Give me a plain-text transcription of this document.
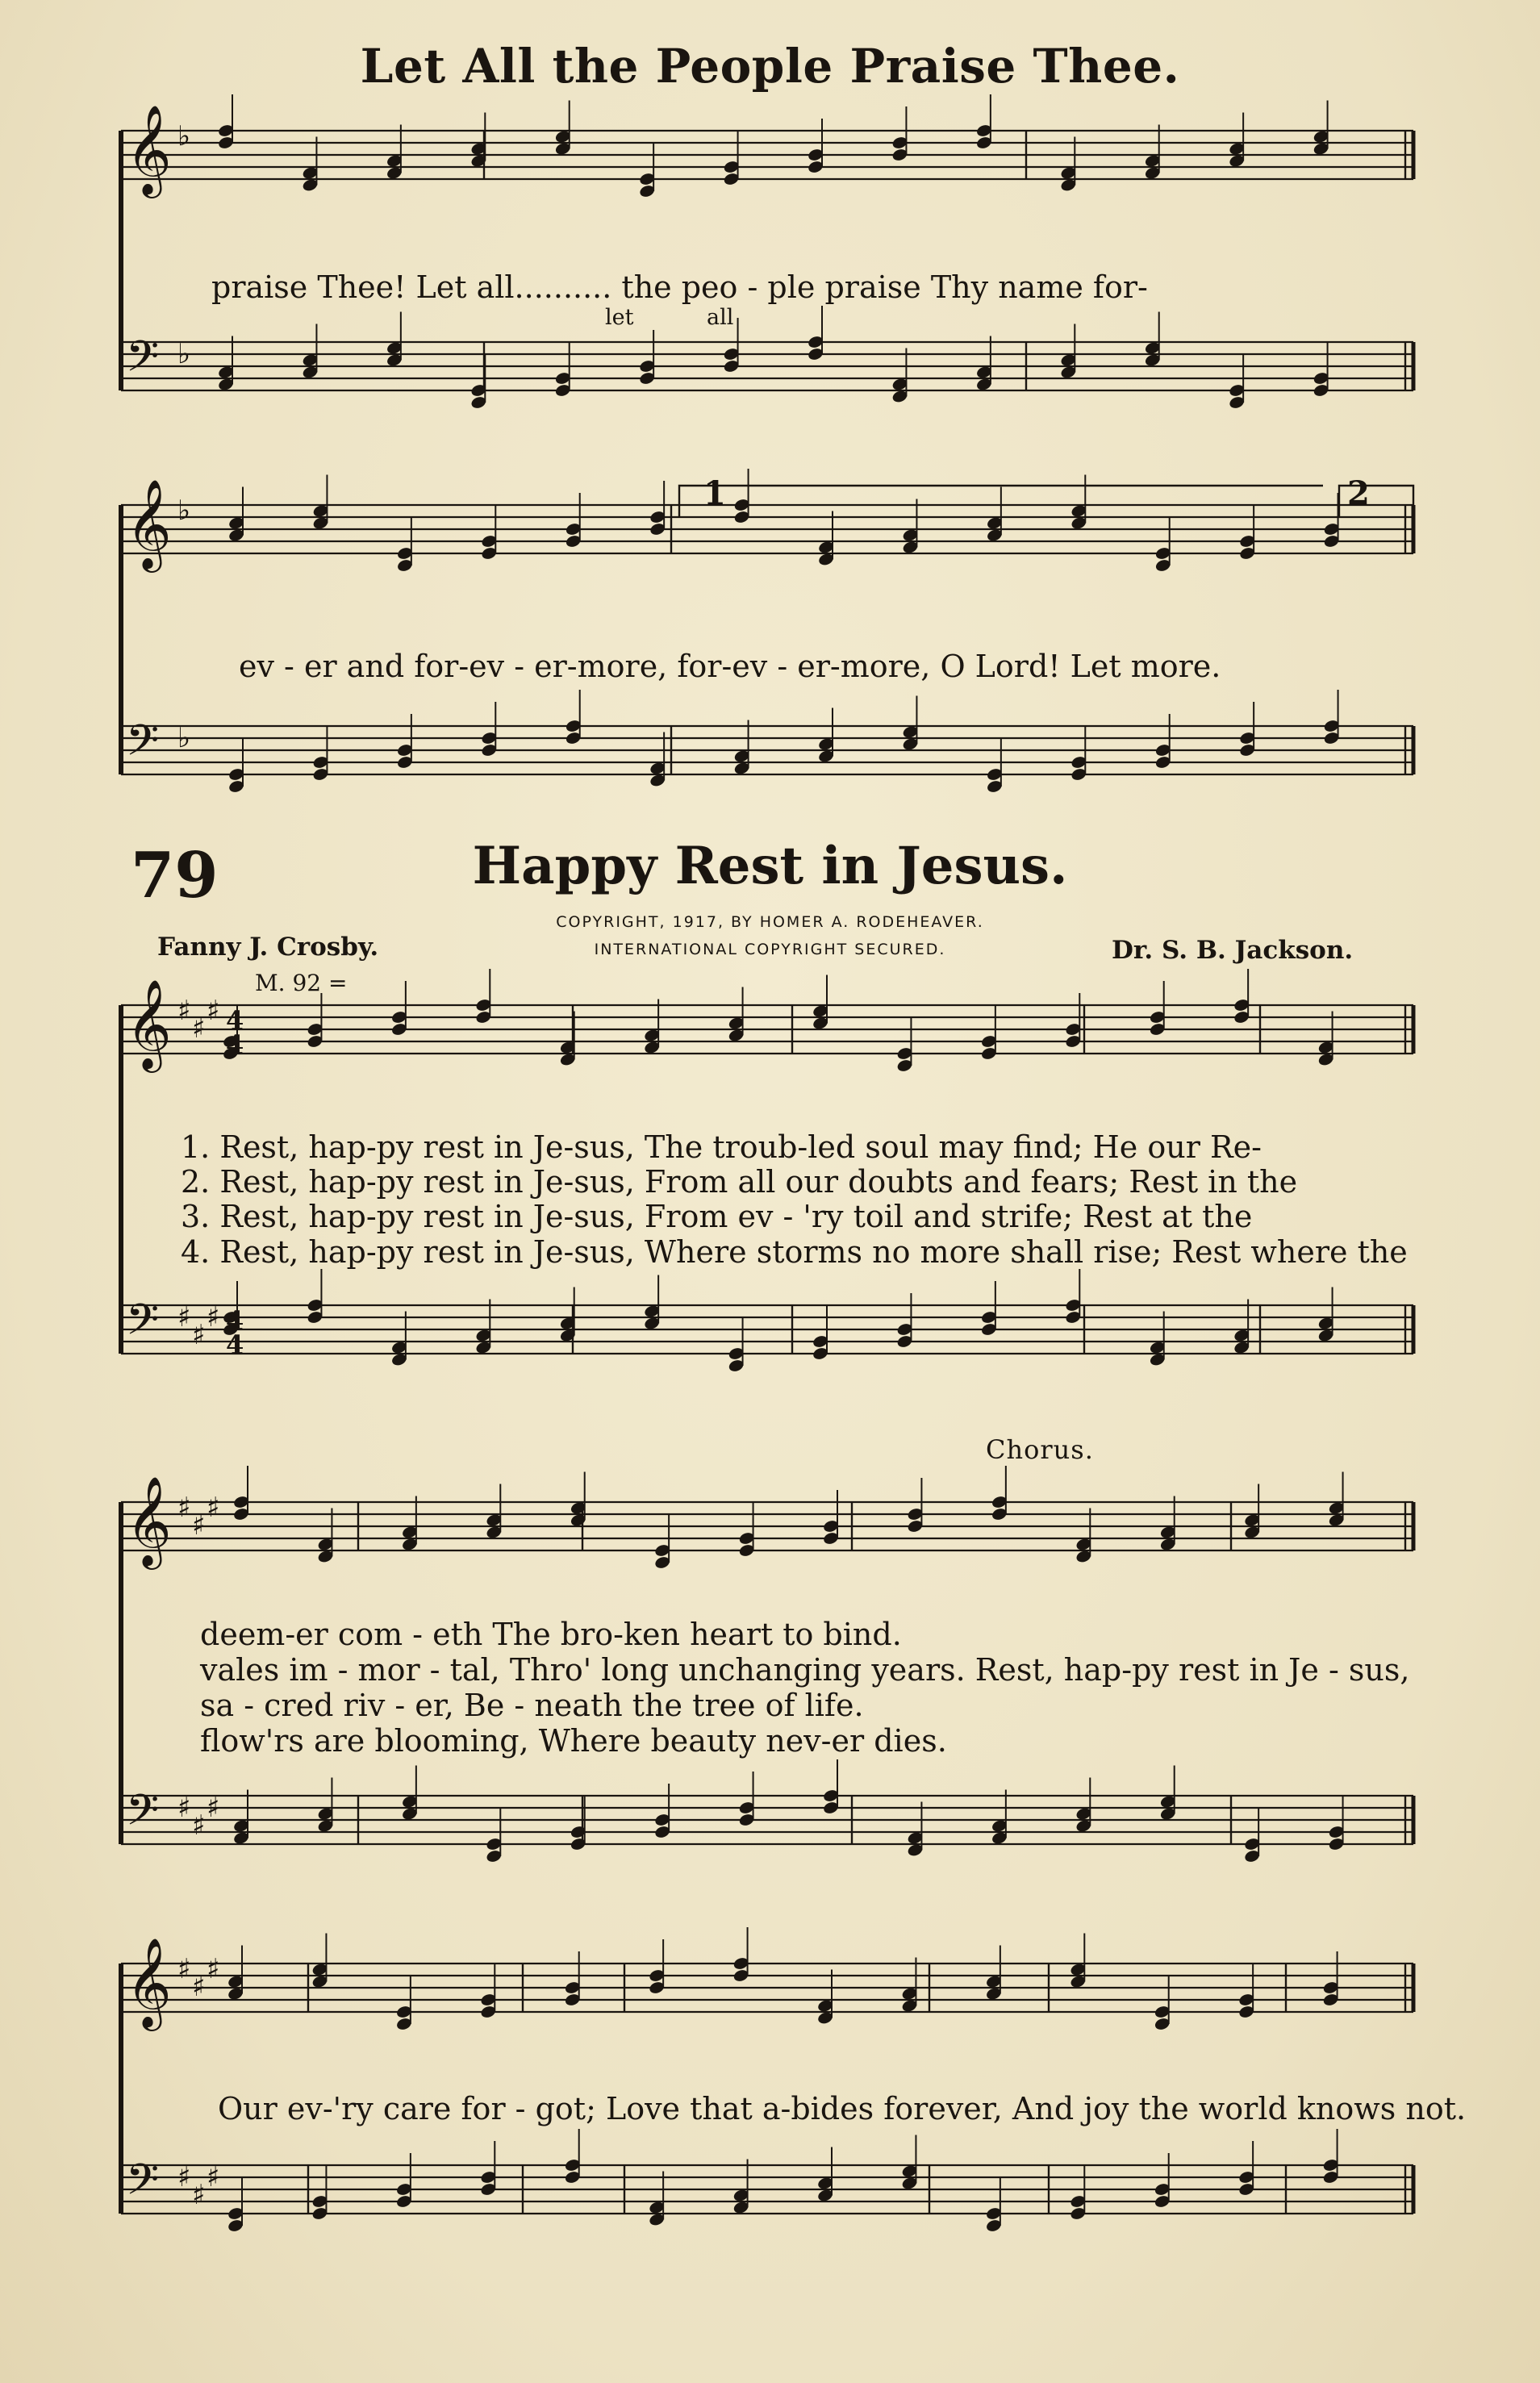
Let All the People Praise Thee.
praise Thee! Let all.......... the peo - ple praise Thy name for-
let	all
ev - er and for-ev - er-more, for-ev - er-more, O Lord! Let more.
1	2
79	Happy Rest in Jesus.
COPYRIGHT, 1917, BY HOMER A. RODEHEAVER.
INTERNATIONAL COPYRIGHT SECURED.
Fanny J. Crosby.	Dr. S. B. Jackson.
M. 92 =
1. Rest, hap-py rest in Je-sus, The troub-led soul may find; He our Re-
2. Rest, hap-py rest in Je-sus, From all our doubts and fears; Rest in the
3. Rest, hap-py rest in Je-sus, From ev - 'ry toil and strife; Rest at the
4. Rest, hap-py rest in Je-sus, Where storms no more shall rise; Rest where the
Chorus.
deem-er com - eth The bro-ken heart to bind.
vales im - mor - tal, Thro' long unchanging years. Rest, hap-py rest in Je - sus,
sa - cred riv - er, Be - neath the tree of life.
flow'rs are blooming, Where beauty nev-er dies.
Our ev-'ry care for - got; Love that a-bides forever, And joy the world knows not.
𝄞 ♭
𝄢 ♭
𝄞 ♭
𝄢 ♭
𝄞 ♯
♯
♯
𝄢 ♯
♯
♯
𝄞 ♯
♯
♯
𝄢 ♯
♯
♯
𝄞 ♯
♯
♯
𝄢 ♯
♯
♯
4
4
4
4
